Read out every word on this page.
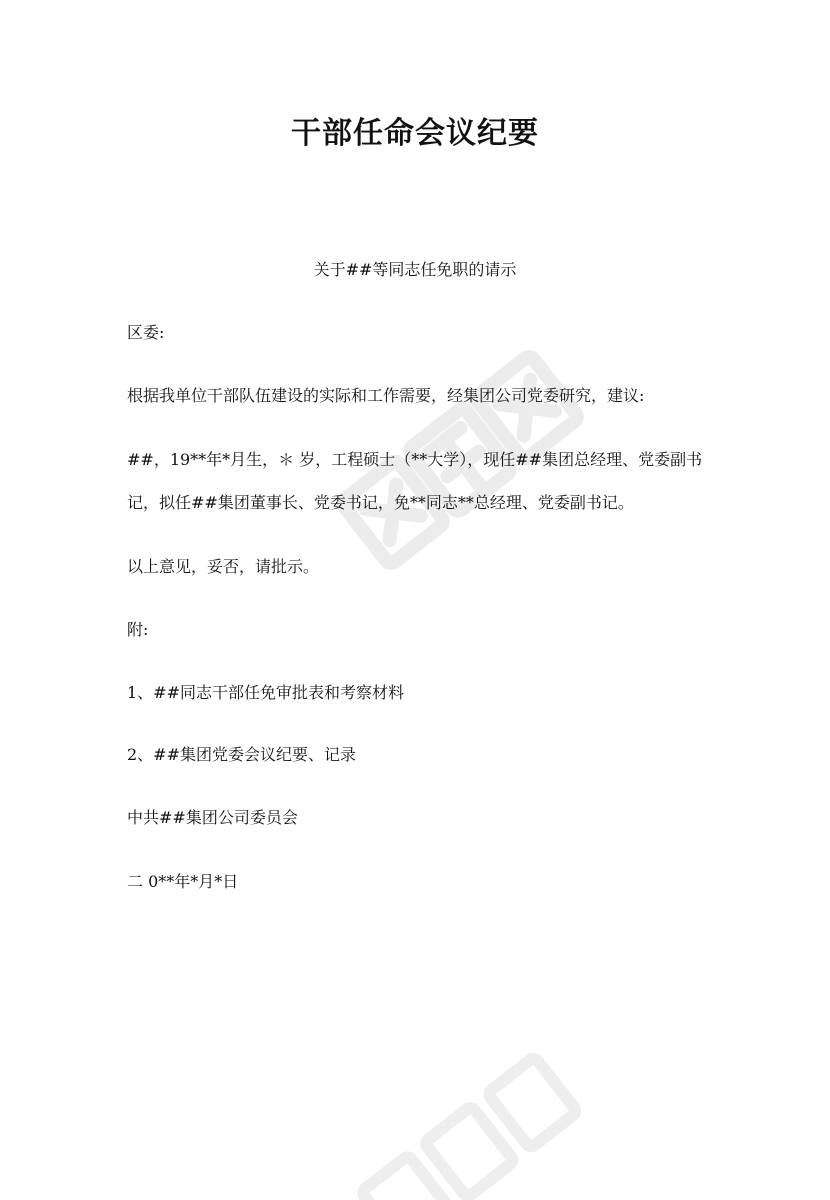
干部任命会议纪要
关于##等同志任免职的请示
区委:
根据我单位干部队伍建设的实际和工作需要，经集团公司党委研究，建议:
##，19**年*月生，＊ 岁，工程硕士（**大学），现任##集团总经理、党委副书
记，拟任##集团董事长、党委书记，免**同志**总经理、党委副书记。
以上意见，妥否，请批示。
附:
1、##同志干部任免审批表和考察材料
2、##集团党委会议纪要、记录
中共##集团公司委员会
二 0**年*月*日
